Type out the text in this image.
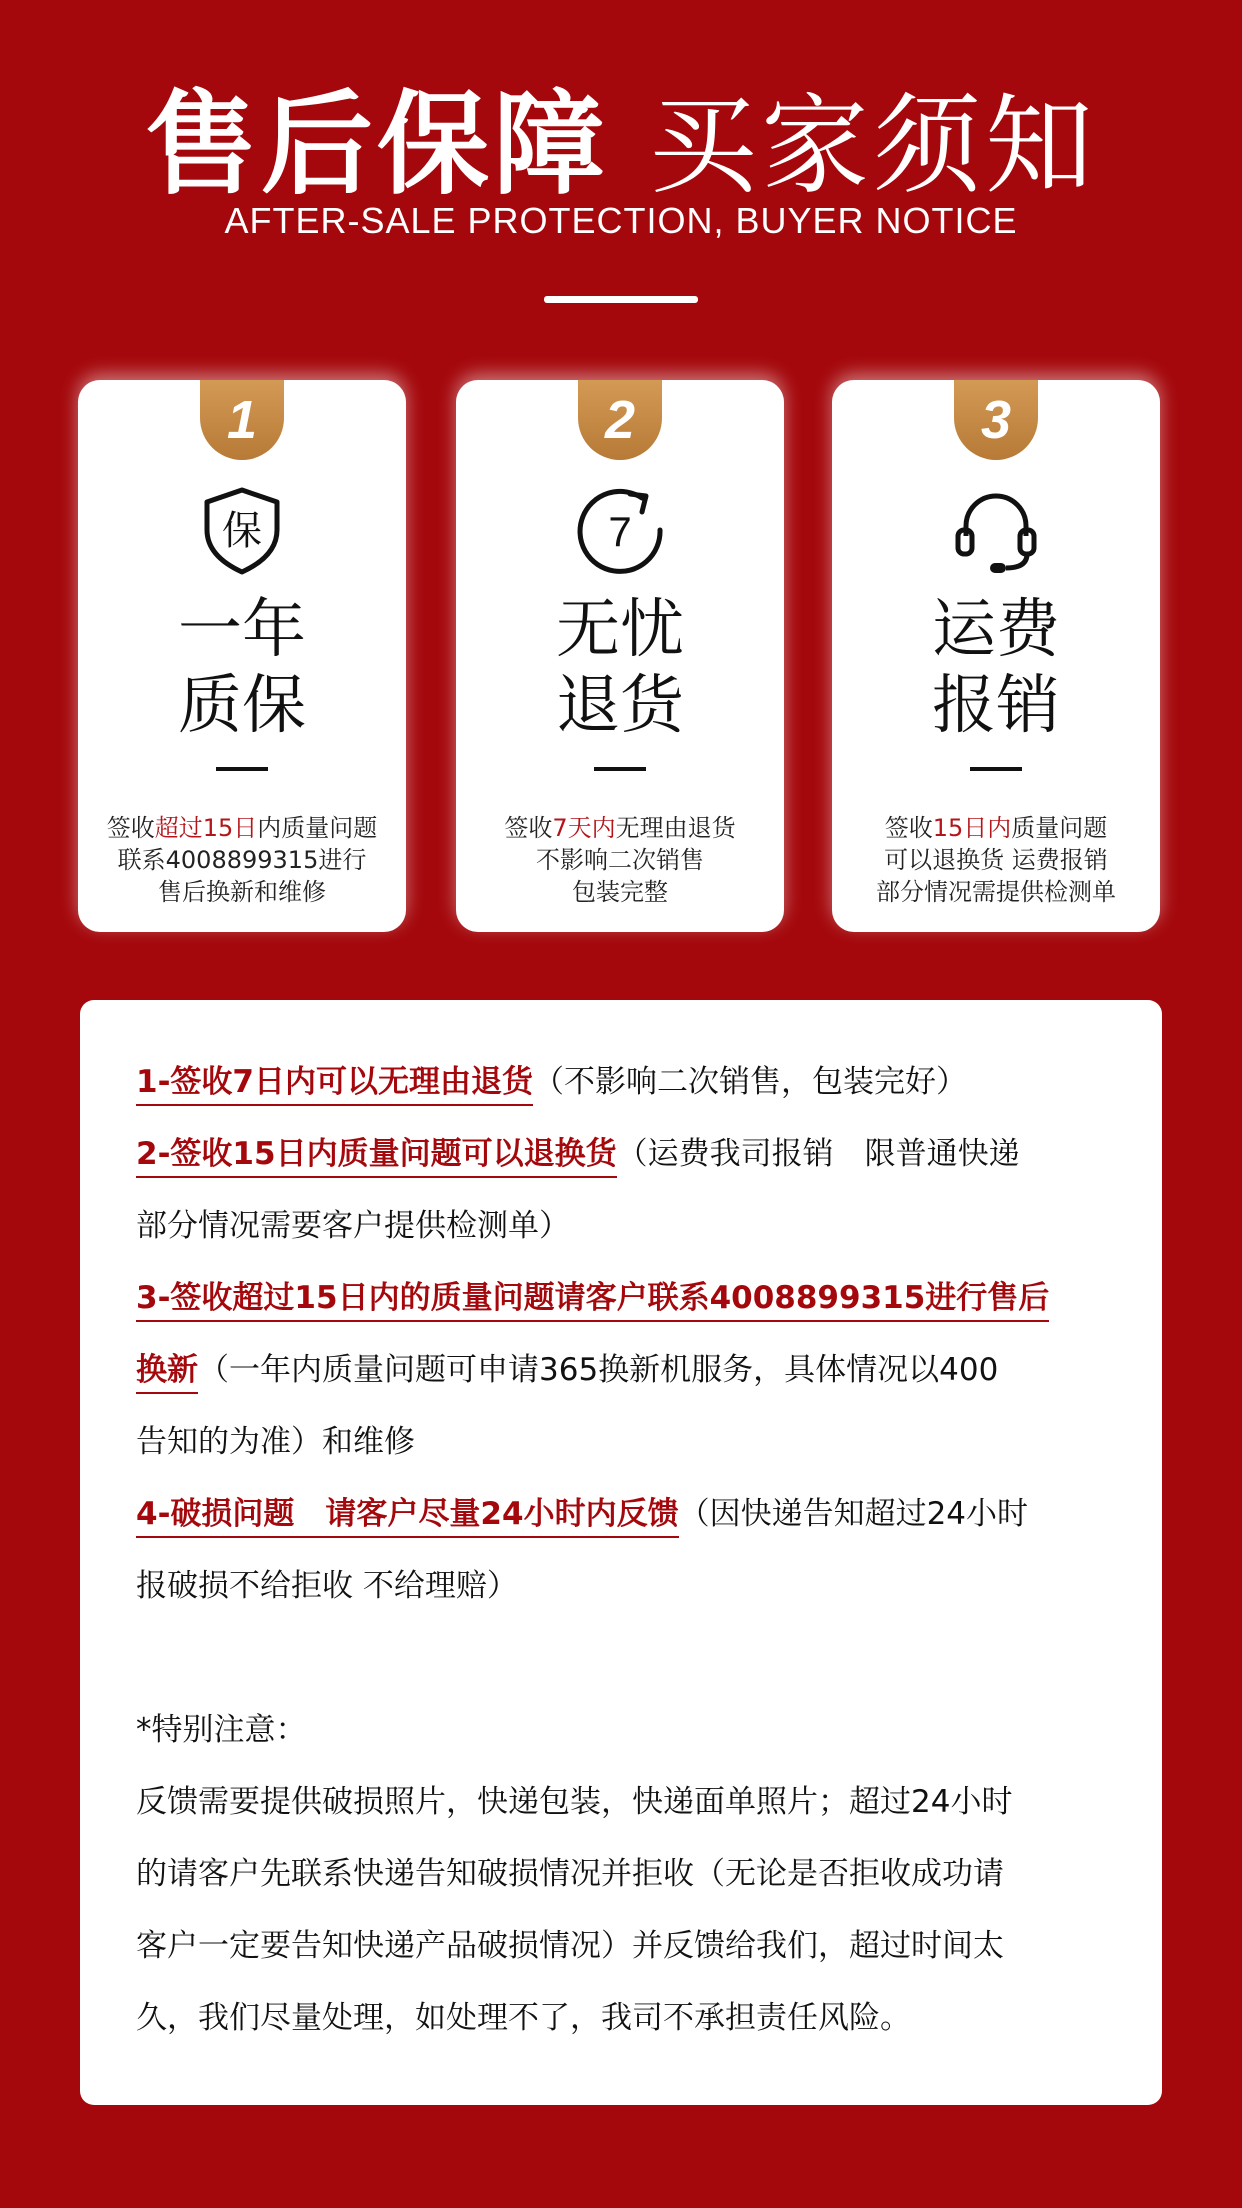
售后保障 买家须知
AFTER-SALE PROTECTION, BUYER NOTICE
1
保
一年
质保
签收超过15日内质量问题
联系4008899315进行
售后换新和维修
2
7
无忧
退货
签收7天内无理由退货
不影响二次销售
包装完整
3
运费
报销
签收15日内质量问题
可以退换货 运费报销
部分情况需提供检测单

1-签收7日内可以无理由退货（不影响二次销售，包装完好）

2-签收15日内质量问题可以退换货（运费我司报销　限普通快递

部分情况需要客户提供检测单）

3-签收超过15日内的质量问题请客户联系4008899315进行售后

换新（一年内质量问题可申请365换新机服务，具体情况以400

告知的为准）和维修

4-破损问题　请客户尽量24小时内反馈（因快递告知超过24小时

报破损不给拒收 不给理赔）

*特别注意：

反馈需要提供破损照片，快递包装，快递面单照片；超过24小时

的请客户先联系快递告知破损情况并拒收（无论是否拒收成功请

客户一定要告知快递产品破损情况）并反馈给我们，超过时间太

久，我们尽量处理，如处理不了，我司不承担责任风险。
